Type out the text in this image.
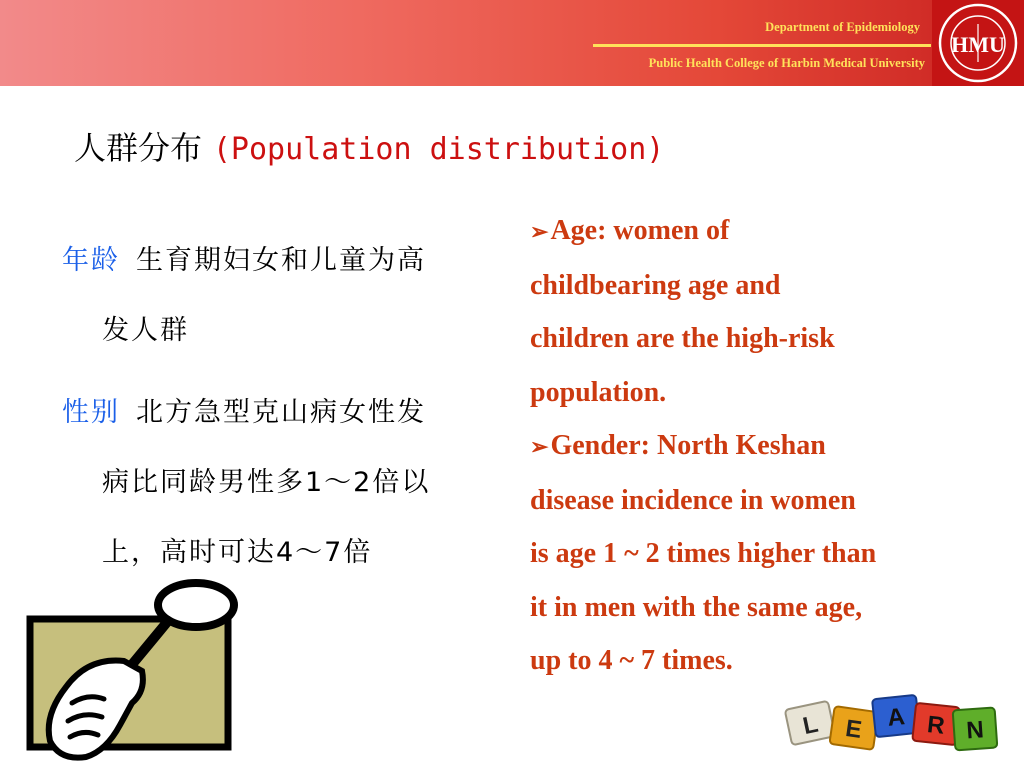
Department of Epidemiology
Public Health College of Harbin Medical University
HMU
人群分布 (Population distribution)
年龄 生育期妇女和儿童为高
发人群
性别 北方急型克山病女性发
病比同龄男性多1～2倍以
上，高时可达4～7倍
➢Age: women of
childbearing age and
children are the high-risk
population.
➢Gender: North Keshan
disease incidence in women
is age 1 ~ 2 times higher than
it in men with the same age,
up to 4 ~ 7 times.
L E A R N
